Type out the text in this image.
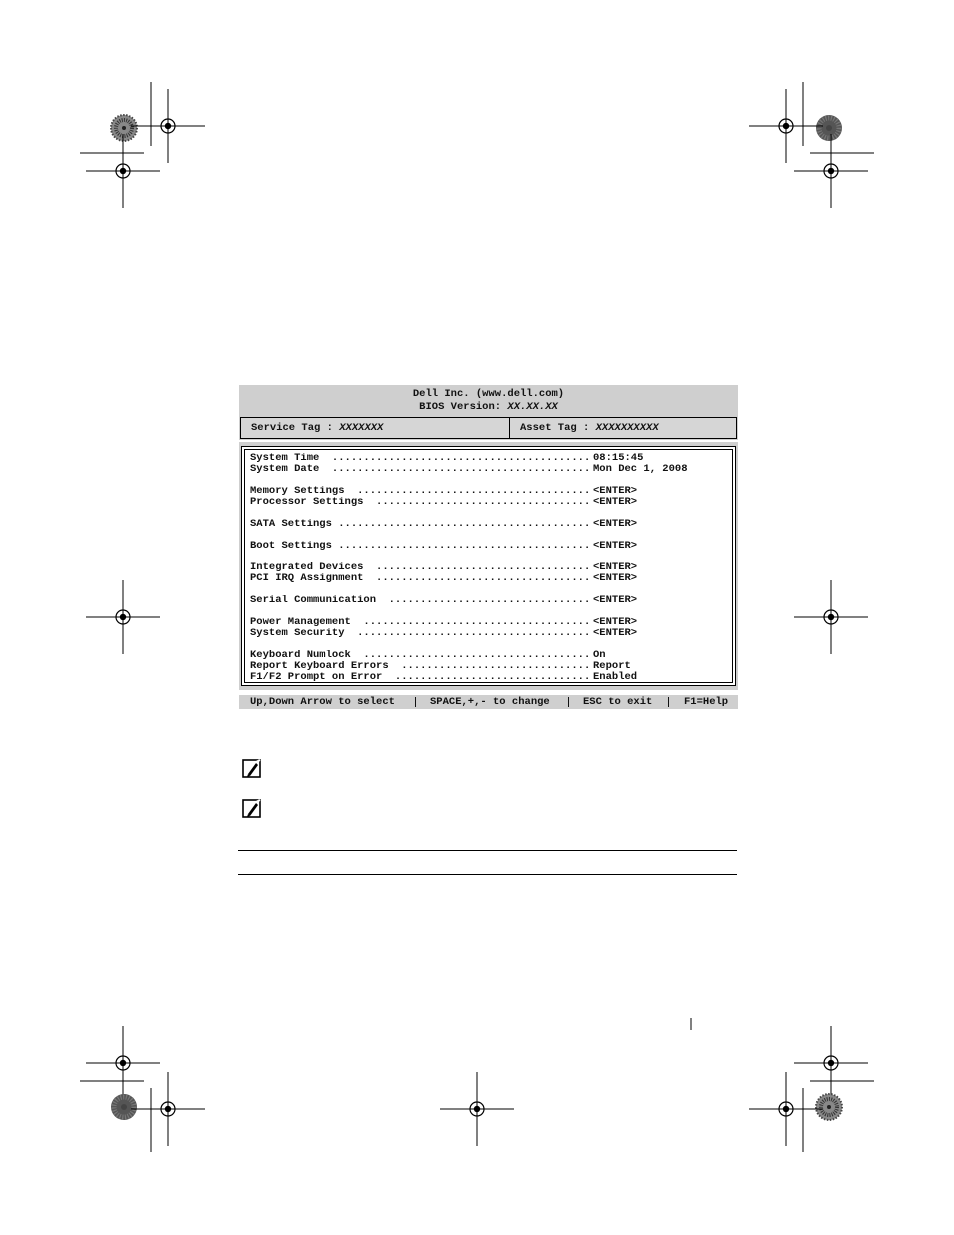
Dell Inc. (www.dell.com)
BIOS Version: XX.XX.XX
Service Tag : XXXXXXX	Asset Tag : XXXXXXXXXX
System Time  ......................................... 08:15:45
System Date  ......................................... Mon Dec 1, 2008
Memory Settings  ..................................... <ENTER>
Processor Settings  .................................. <ENTER>
SATA Settings ........................................ <ENTER>
Boot Settings ........................................ <ENTER>
Integrated Devices  .................................. <ENTER>
PCI IRQ Assignment  .................................. <ENTER>
Serial Communication  ................................ <ENTER>
Power Management  .................................... <ENTER>
System Security  ..................................... <ENTER>
Keyboard Numlock  .................................... On
Report Keyboard Errors  .............................. Report
F1/F2 Prompt on Error  ............................... Enabled

Up,Down Arrow to select

	SPACE,+,- to change

	ESC to exit

	F1=Help
